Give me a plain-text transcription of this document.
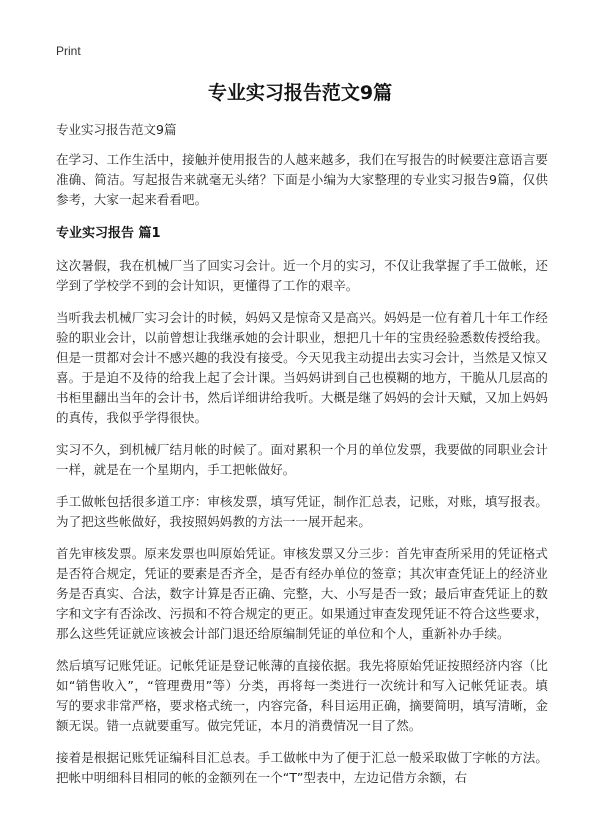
Print
专业实习报告范文9篇

专业实习报告范文9篇

在学习、工作生活中，接触并使用报告的人越来越多，我们在写报告的时候要注意语言要准确、简洁。写起报告来就毫无头绪？下面是小编为大家整理的专业实习报告9篇，仅供参考，大家一起来看看吧。

专业实习报告 篇1

这次暑假，我在机械厂当了回实习会计。近一个月的实习，不仅让我掌握了手工做帐，还学到了学校学不到的会计知识，更懂得了工作的艰辛。

当听我去机械厂实习会计的时候，妈妈又是惊奇又是高兴。妈妈是一位有着几十年工作经验的职业会计，以前曾想让我继承她的会计职业，想把几十年的宝贵经验悉数传授给我。但是一贯都对会计不感兴趣的我没有接受。今天见我主动提出去实习会计，当然是又惊又喜。于是迫不及待的给我上起了会计课。当妈妈讲到自己也模糊的地方，干脆从几层高的书柜里翻出当年的会计书，然后详细讲给我听。大概是继了妈妈的会计天赋，又加上妈妈的真传，我似乎学得很快。

实习不久，到机械厂结月帐的时候了。面对累积一个月的单位发票，我要做的同职业会计一样，就是在一个星期内，手工把帐做好。

手工做帐包括很多道工序：审核发票，填写凭证，制作汇总表，记账，对账，填写报表。为了把这些帐做好，我按照妈妈教的方法一一展开起来。

首先审核发票。原来发票也叫原始凭证。审核发票又分三步：首先审查所采用的凭证格式是否符合规定，凭证的要素是否齐全，是否有经办单位的签章；其次审查凭证上的经济业务是否真实、合法，数字计算是否正确、完整，大、小写是否一致；最后审查凭证上的数字和文字有否涂改、污损和不符合规定的更正。如果通过审查发现凭证不符合这些要求，那么这些凭证就应该被会计部门退还给原编制凭证的单位和个人，重新补办手续。

然后填写记账凭证。记帐凭证是登记帐薄的直接依据。我先将原始凭证按照经济内容（比如“销售收入”，“管理费用”等）分类，再将每一类进行一次统计和写入记帐凭证表。填写的要求非常严格，要求格式统一，内容完备，科目运用正确，摘要简明，填写清晰，金额无误。错一点就要重写。做完凭证，本月的消费情况一目了然。

接着是根据记账凭证编科目汇总表。手工做帐中为了便于汇总一般采取做丁字帐的方法。把帐中明细科目相同的帐的金额列在一个“T”型表中，左边记借方余额，右
